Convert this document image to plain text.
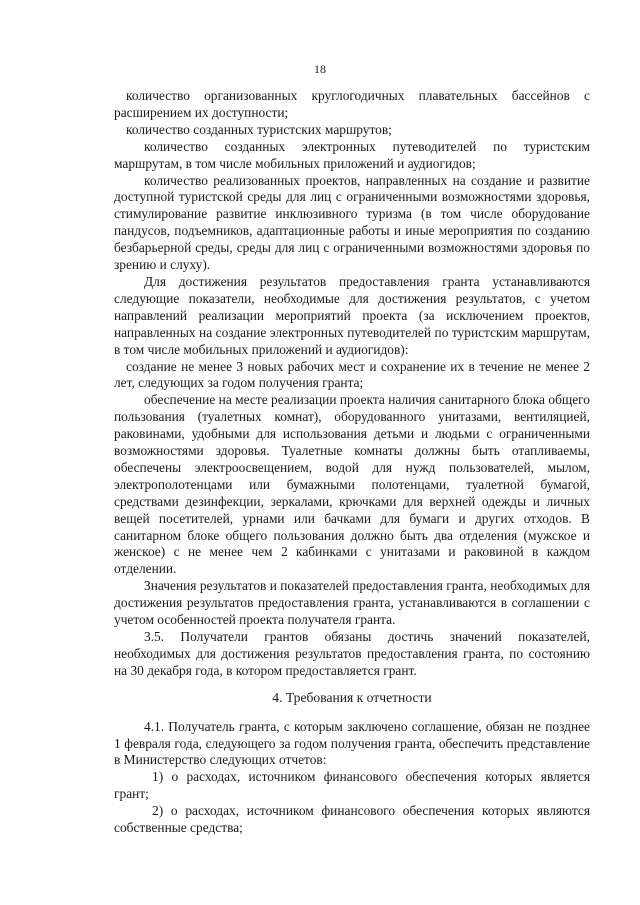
18

количество организованных круглогодичных плавательных бассейнов с расширением их доступности;

количество созданных туристских маршрутов;

количество созданных электронных путеводителей по туристским маршрутам, в том числе мобильных приложений и аудиогидов;

количество реализованных проектов, направленных на создание и развитие доступной туристской среды для лиц с ограниченными возможностями здоровья, стимулирование развитие инклюзивного туризма (в том числе оборудование пандусов, подъемников, адаптационные работы и иные мероприятия по созданию безбарьерной среды, среды для лиц с ограниченными возможностями здоровья по зрению и слуху).

Для достижения результатов предоставления гранта устанавливаются следующие показатели, необходимые для достижения результатов, с учетом направлений реализации мероприятий проекта (за исключением проектов, направленных на создание электронных путеводителей по туристским маршрутам, в том числе мобильных приложений и аудиогидов):

создание не менее 3 новых рабочих мест и сохранение их в течение не менее 2 лет, следующих за годом получения гранта;

обеспечение на месте реализации проекта наличия санитарного блока общего пользования (туалетных комнат), оборудованного унитазами, вентиляцией, раковинами, удобными для использования детьми и людьми с ограниченными возможностями здоровья. Туалетные комнаты должны быть отапливаемы, обеспечены электроосвещением, водой для нужд пользователей, мылом, электрополотенцами или бумажными полотенцами, туалетной бумагой, средствами дезинфекции, зеркалами, крючками для верхней одежды и личных вещей посетителей, урнами или бачками для бумаги и других отходов. В санитарном блоке общего пользования должно быть два отделения (мужское и женское) с не менее чем 2 кабинками с унитазами и раковиной в каждом отделении.

Значения результатов и показателей предоставления гранта, необходимых для достижения результатов предоставления гранта, устанавливаются в соглашении с учетом особенностей проекта получателя гранта.

3.5. Получатели грантов обязаны достичь значений показателей, необходимых для достижения результатов предоставления гранта, по состоянию на 30 декабря года, в котором предоставляется грант.

4. Требования к отчетности

4.1. Получатель гранта, с которым заключено соглашение, обязан не позднее 1 февраля года, следующего за годом получения гранта, обеспечить представление в Министерство следующих отчетов:

1) о расходах, источником финансового обеспечения которых является грант;

2) о расходах, источником финансового обеспечения которых являются собственные средства;
